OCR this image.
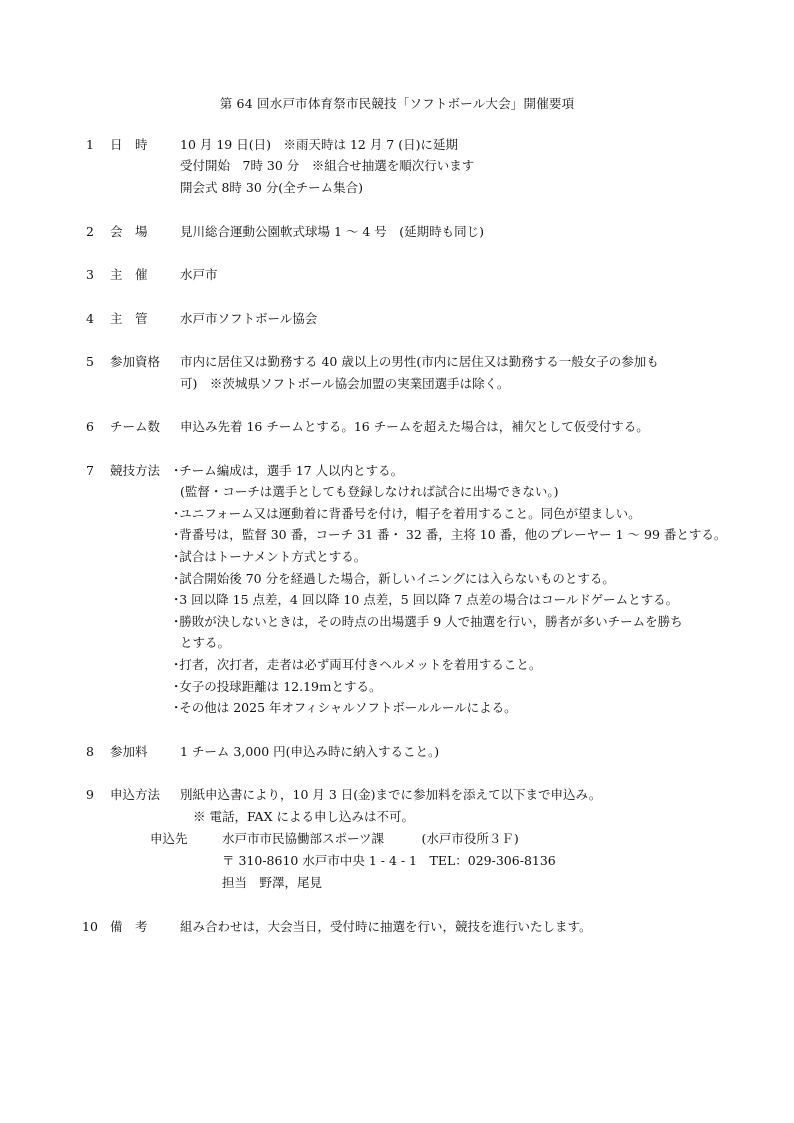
第 64 回水戸市体育祭市民競技「ソフトボール大会」開催要項
1 日　時	10 月 19 日(日)　※雨天時は 12 月 7 (日)に延期
受付開始　7時 30 分　※組合せ抽選を順次行います
開会式 8時 30 分(全チーム集合)
2 会　場	見川総合運動公園軟式球場 1 ～ 4 号　(延期時も同じ)
3 主　催	水戸市
4 主　管	水戸市ソフトボール協会
5 参加資格 市内に居住又は勤務する 40 歳以上の男性(市内に居住又は勤務する一般女子の参加も
可)　※茨城県ソフトボール協会加盟の実業団選手は除く。
6 チーム数 申込み先着 16 チームとする。16 チームを超えた場合は，補欠として仮受付する。
7 競技方法 ･チーム編成は，選手 17 人以内とする。
(監督・コーチは選手としても登録しなければ試合に出場できない。)
･ユニフォーム又は運動着に背番号を付け，帽子を着用すること。同色が望ましい。
･背番号は，監督 30 番，コーチ 31 番・ 32 番，主将 10 番，他のプレーヤー 1 ～ 99 番とする。
･試合はトーナメント方式とする。
･試合開始後 70 分を経過した場合，新しいイニングには入らないものとする。
･3 回以降 15 点差，4 回以降 10 点差，5 回以降 7 点差の場合はコールドゲームとする。
･勝敗が決しないときは，その時点の出場選手 9 人で抽選を行い，勝者が多いチームを勝ち
とする。
･打者，次打者，走者は必ず両耳付きヘルメットを着用すること。
･女子の投球距離は 12.19ｍとする。
･その他は 2025 年オフィシャルソフトボールルールによる。
8 参加料	1 チーム 3,000 円(申込み時に納入すること。)
9 申込方法 別紙申込書により，10 月 3 日(金)までに参加料を添えて以下まで申込み。
※ 電話，FAX による申し込みは不可。
申込先	水戸市市民協働部スポーツ課　　　(水戸市役所３Ｆ)
〒 310-8610 水戸市中央 1 - 4 - 1　TEL：029-306-8136
担当　野澤，尾見
10 備　考	組み合わせは，大会当日，受付時に抽選を行い，競技を進行いたします。
